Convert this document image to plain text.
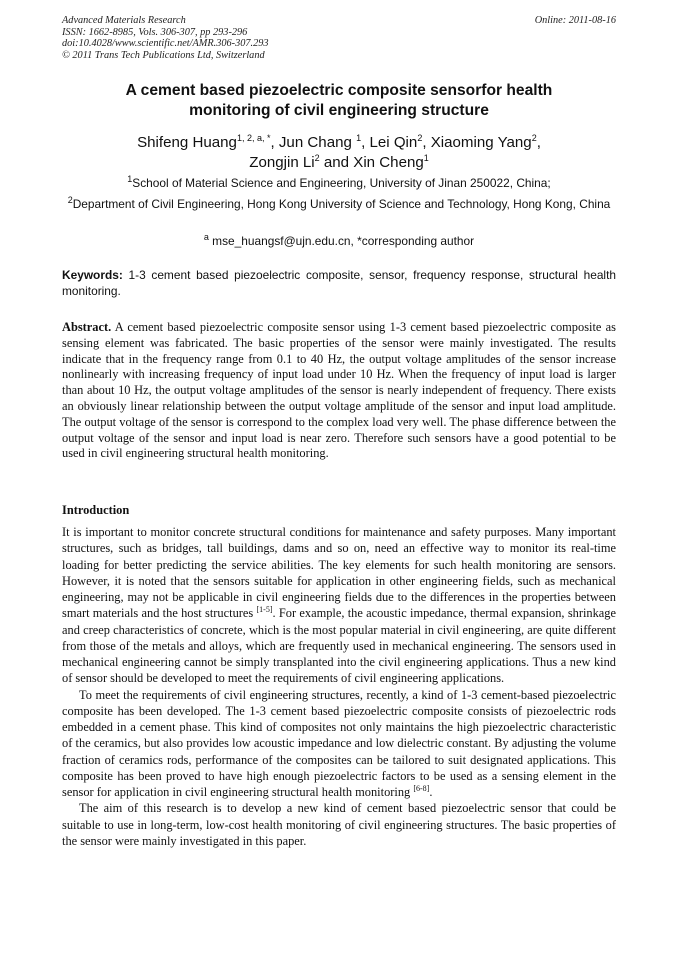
Advanced Materials Research
ISSN: 1662-8985, Vols. 306-307, pp 293-296
doi:10.4028/www.scientific.net/AMR.306-307.293
© 2011 Trans Tech Publications Ltd, Switzerland
Online: 2011-08-16
A cement based piezoelectric composite sensorfor health
monitoring of civil engineering structure
Shifeng Huang$^{1, 2, a, *}$, Jun Chang $^1$, Lei Qin$^2$, Xiaoming Yang$^2$,
Zongjin Li$^2$ and Xin Cheng$^1$
$^1$School of Material Science and Engineering, University of Jinan 250022, China;
$^2$Department of Civil Engineering, Hong Kong University of Science and Technology, Hong Kong, China
$^a$ mse_huangsf@ujn.edu.cn, *corresponding author
Keywords: 1-3 cement based piezoelectric composite, sensor, frequency response, structural health monitoring.
Abstract. A cement based piezoelectric composite sensor using 1-3 cement based piezoelectric composite as sensing element was fabricated. The basic properties of the sensor were mainly investigated. The results indicate that in the frequency range from 0.1 to 40 Hz, the output voltage amplitudes of the sensor increase nonlinearly with increasing frequency of input load under 10 Hz. When the frequency of input load is larger than about 10 Hz, the output voltage amplitudes of the sensor is nearly independent of frequency. There exists an obviously linear relationship between the output voltage amplitude of the sensor and input load amplitude. The output voltage of the sensor is correspond to the complex load very well. The phase difference between the output voltage of the sensor and input load is near zero. Therefore such sensors have a good potential to be used in civil engineering structural health monitoring.
Introduction

It is important to monitor concrete structural conditions for maintenance and safety purposes. Many important structures, such as bridges, tall buildings, dams and so on, need an effective way to monitor its real-time loading for better predicting the service abilities. The key elements for such health monitoring are sensors. However, it is noted that the sensors suitable for application in other engineering fields, such as mechanical engineering, may not be applicable in civil engineering fields due to the differences in the properties between smart materials and the host structures [1-5]. For example, the acoustic impedance, thermal expansion, shrinkage and creep characteristics of concrete, which is the most popular material in civil engineering, are quite different from those of the metals and alloys, which are frequently used in mechanical engineering. The sensors used in mechanical engineering cannot be simply transplanted into the civil engineering applications. Thus a new kind of sensor should be developed to meet the requirements of civil engineering applications.

To meet the requirements of civil engineering structures, recently, a kind of 1-3 cement-based piezoelectric composite has been developed. The 1-3 cement based piezoelectric composite consists of piezoelectric rods embedded in a cement phase. This kind of composites not only maintains the high piezoelectric characteristic of the ceramics, but also provides low acoustic impedance and low dielectric constant. By adjusting the volume fraction of ceramics rods, performance of the composites can be tailored to suit designated applications. This composite has been proved to have high enough piezoelectric factors to be used as a sensing element in the sensor for application in civil engineering structural health monitoring [6-8].

The aim of this research is to develop a new kind of cement based piezoelectric sensor that could be suitable to use in long-term, low-cost health monitoring of civil engineering structures. The basic properties of the sensor were mainly investigated in this paper.
